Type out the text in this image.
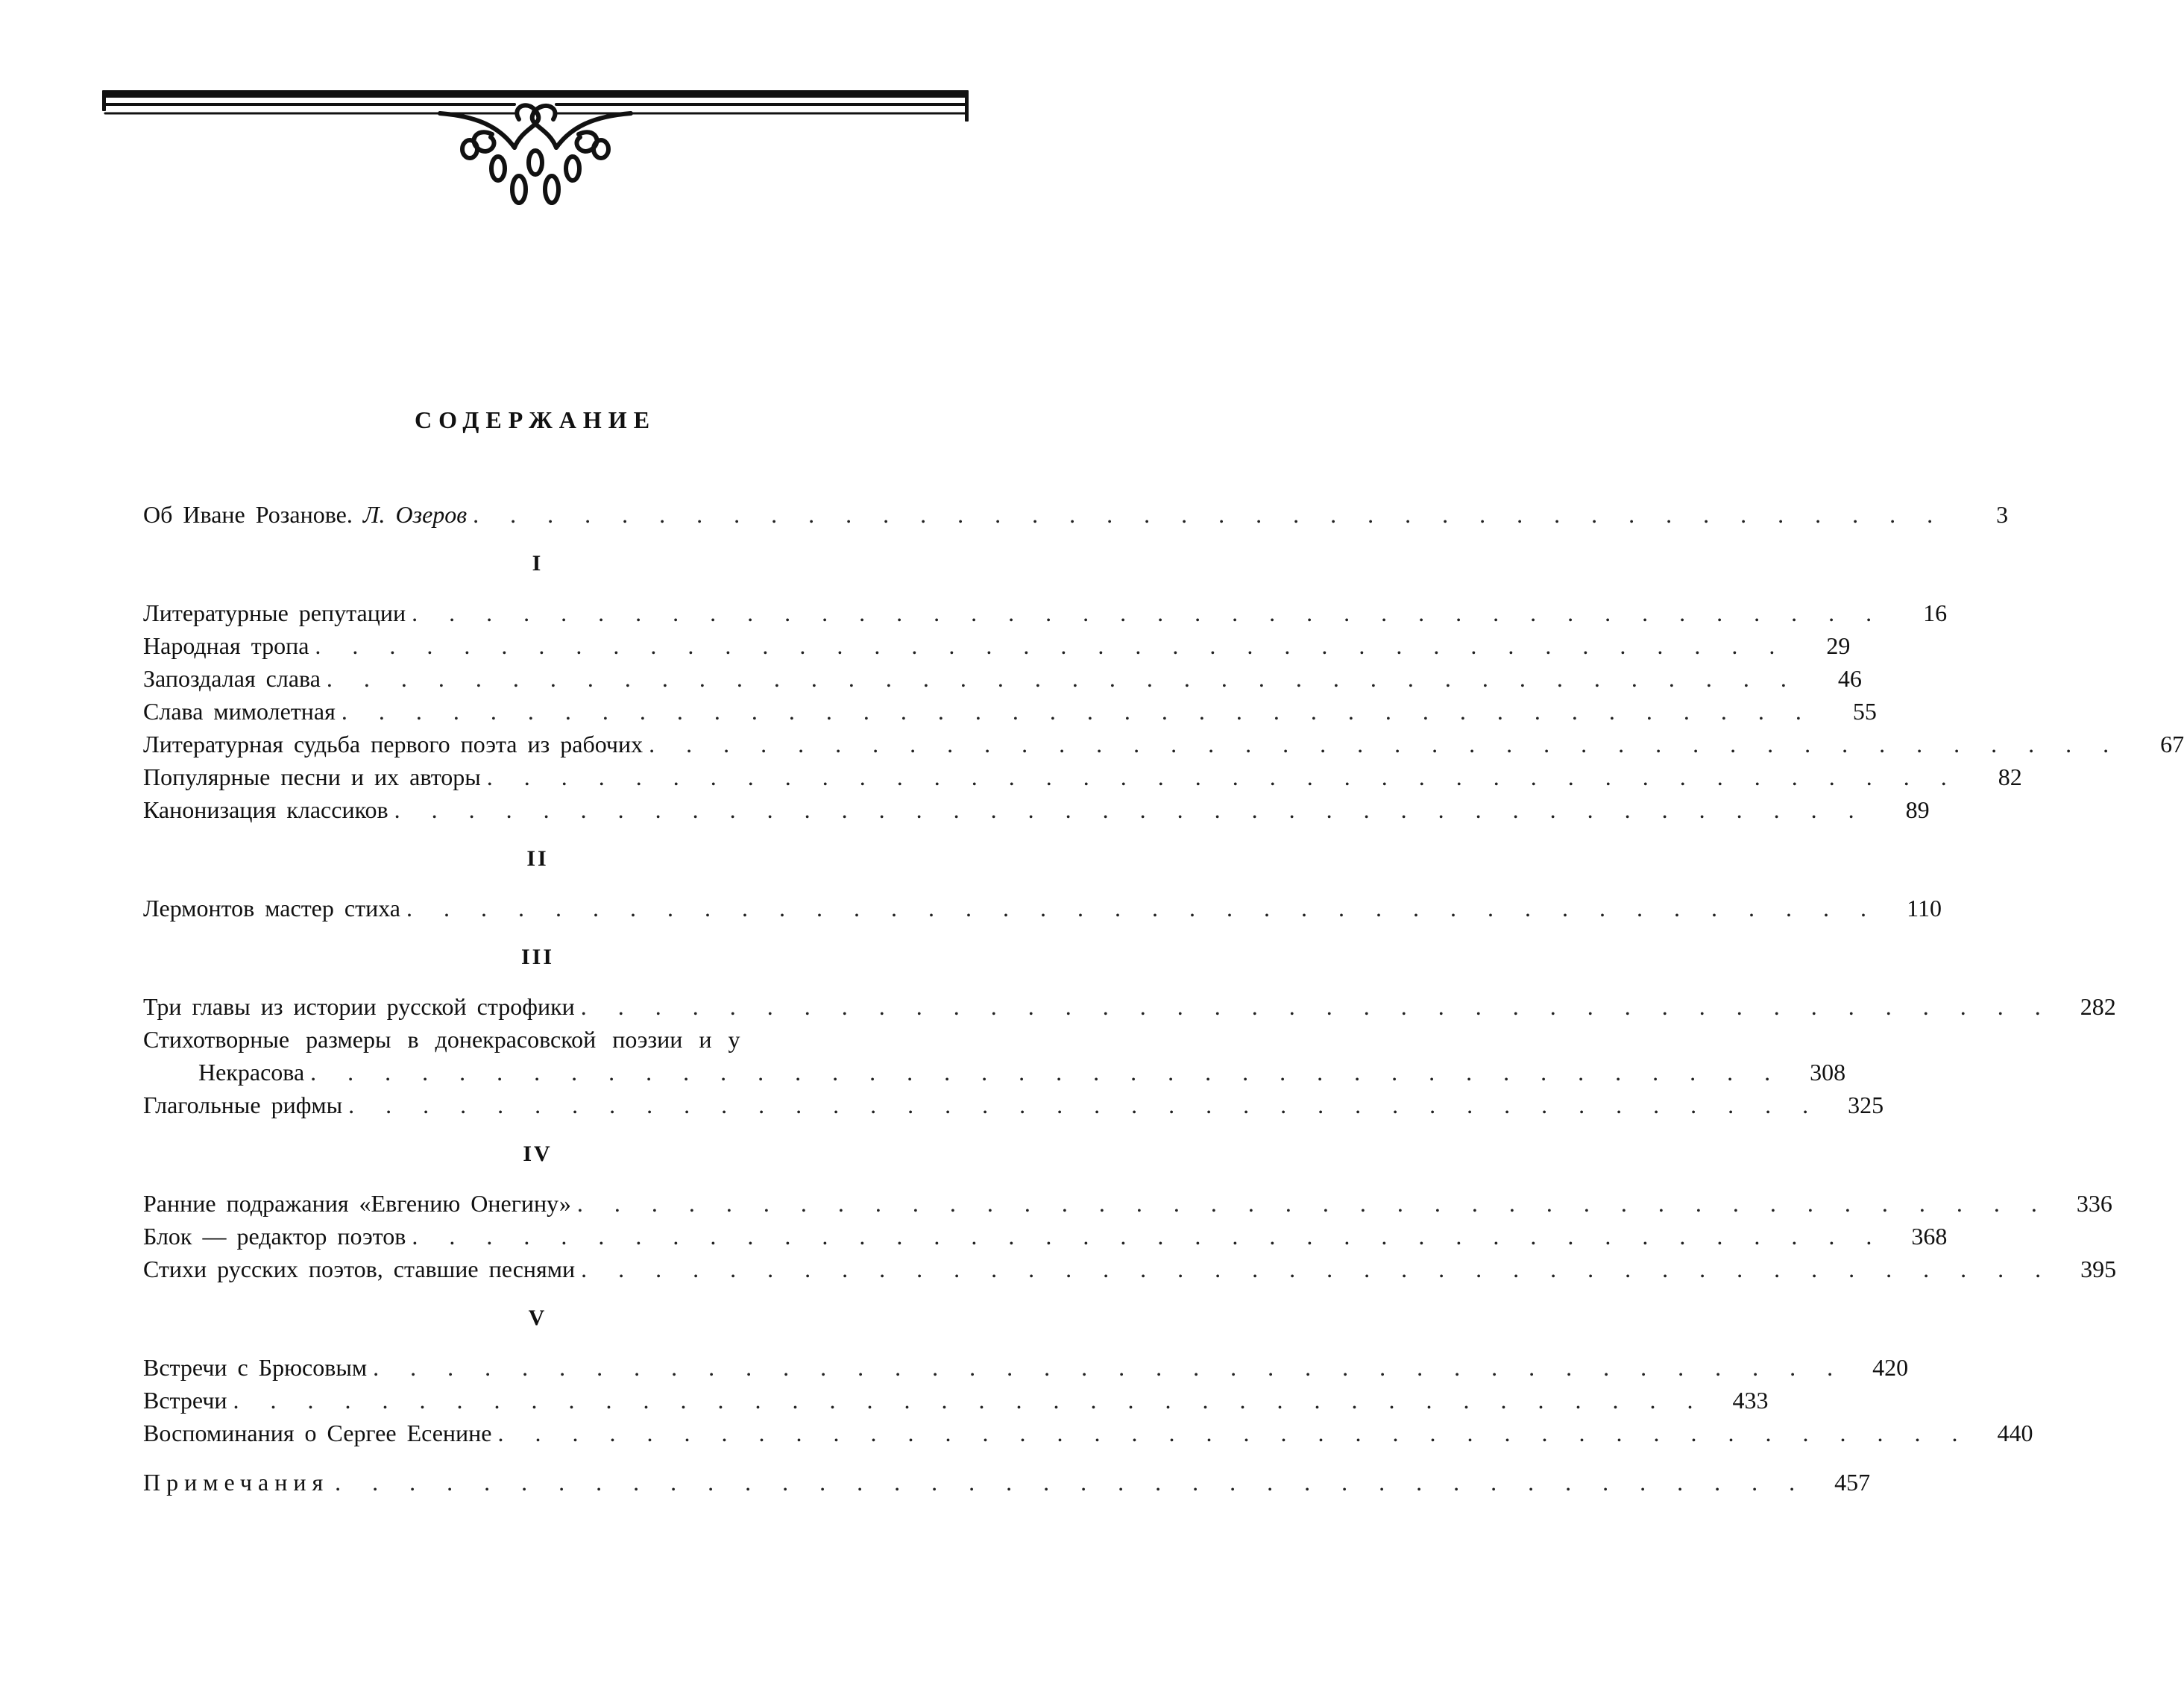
СОДЕРЖАНИЕ
Об Иване Розанове. Л. Озеров . . . . . . . . . . . . . . . . . . . . . . . . . . . . . . . . . . . . . . . .	3
I
Литературные репутации . . . . . . . . . . . . . . . . . . . . . . . . . . . . . . . . . . . . . . . .	16
Народная тропа . . . . . . . . . . . . . . . . . . . . . . . . . . . . . . . . . . . . . . . .	29
Запоздалая слава . . . . . . . . . . . . . . . . . . . . . . . . . . . . . . . . . . . . . . . .	46
Слава мимолетная . . . . . . . . . . . . . . . . . . . . . . . . . . . . . . . . . . . . . . . .	55
Литературная судьба первого поэта из рабочих . . . . . . . . . . . . . . . . . . . . . . . . . . . . . . . . . . . . . . . .	67
Популярные песни и их авторы . . . . . . . . . . . . . . . . . . . . . . . . . . . . . . . . . . . . . . . .	82
Канонизация классиков . . . . . . . . . . . . . . . . . . . . . . . . . . . . . . . . . . . . . . . .	89
II
Лермонтов мастер стиха . . . . . . . . . . . . . . . . . . . . . . . . . . . . . . . . . . . . . . . .	110
III
Три главы из истории русской строфики . . . . . . . . . . . . . . . . . . . . . . . . . . . . . . . . . . . . . . . .	282
Стихотворные размеры в донекрасовской поэзии и у
Некрасова . . . . . . . . . . . . . . . . . . . . . . . . . . . . . . . . . . . . . . . .	308
Глагольные рифмы . . . . . . . . . . . . . . . . . . . . . . . . . . . . . . . . . . . . . . . .	325
IV
Ранние подражания «Евгению Онегину» . . . . . . . . . . . . . . . . . . . . . . . . . . . . . . . . . . . . . . . .	336
Блок — редактор поэтов . . . . . . . . . . . . . . . . . . . . . . . . . . . . . . . . . . . . . . . .	368
Стихи русских поэтов, ставшие песнями . . . . . . . . . . . . . . . . . . . . . . . . . . . . . . . . . . . . . . . .	395
V
Встречи с Брюсовым . . . . . . . . . . . . . . . . . . . . . . . . . . . . . . . . . . . . . . . .	420
Встречи . . . . . . . . . . . . . . . . . . . . . . . . . . . . . . . . . . . . . . . .	433
Воспоминания о Сергее Есенине . . . . . . . . . . . . . . . . . . . . . . . . . . . . . . . . . . . . . . . .	440
Примечания . . . . . . . . . . . . . . . . . . . . . . . . . . . . . . . . . . . . . . . .	457
